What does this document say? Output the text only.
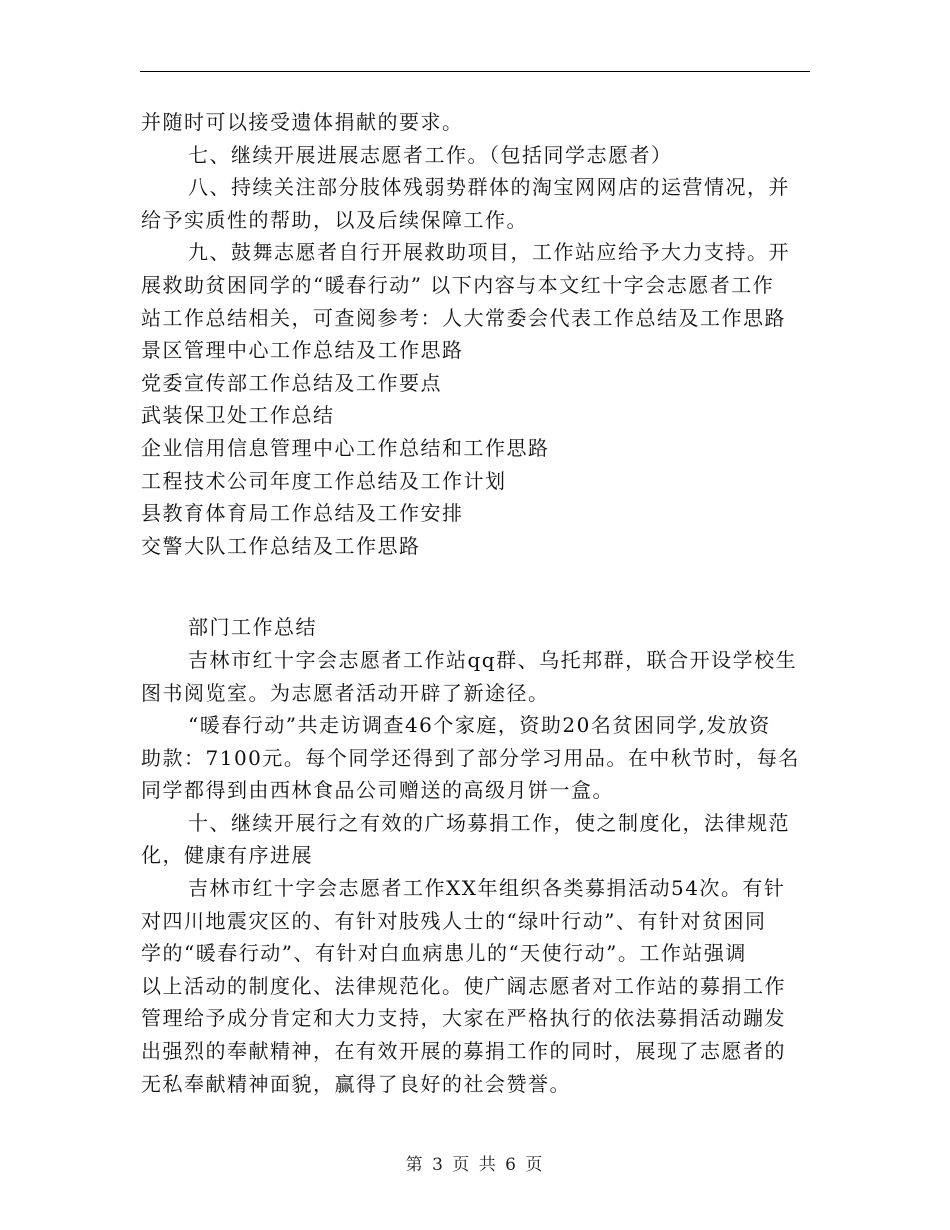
并随时可以接受遗体捐献的要求。
七、继续开展进展志愿者工作。（包括同学志愿者）
八、持续关注部分肢体残弱势群体的淘宝网网店的运营情况，并
给予实质性的帮助，以及后续保障工作。
九、鼓舞志愿者自行开展救助项目，工作站应给予大力支持。开
展救助贫困同学的“暖春行动” 以下内容与本文红十字会志愿者工作
站工作总结相关，可查阅参考：人大常委会代表工作总结及工作思路
景区管理中心工作总结及工作思路
党委宣传部工作总结及工作要点
武装保卫处工作总结
企业信用信息管理中心工作总结和工作思路
工程技术公司年度工作总结及工作计划
县教育体育局工作总结及工作安排
交警大队工作总结及工作思路
部门工作总结
吉林市红十字会志愿者工作站qq群、乌托邦群，联合开设学校生
图书阅览室。为志愿者活动开辟了新途径。
“暖春行动”共走访调查46个家庭，资助20名贫困同学,发放资
助款：7100元。每个同学还得到了部分学习用品。在中秋节时，每名
同学都得到由西林食品公司赠送的高级月饼一盒。
十、继续开展行之有效的广场募捐工作，使之制度化，法律规范
化，健康有序进展
吉林市红十字会志愿者工作XX年组织各类募捐活动54次。有针
对四川地震灾区的、有针对肢残人士的“绿叶行动”、有针对贫困同
学的“暖春行动”、有针对白血病患儿的“天使行动”。工作站强调
以上活动的制度化、法律规范化。使广阔志愿者对工作站的募捐工作
管理给予成分肯定和大力支持，大家在严格执行的依法募捐活动蹦发
出强烈的奉献精神，在有效开展的募捐工作的同时，展现了志愿者的
无私奉献精神面貌，赢得了良好的社会赞誉。
第 3 页 共 6 页
